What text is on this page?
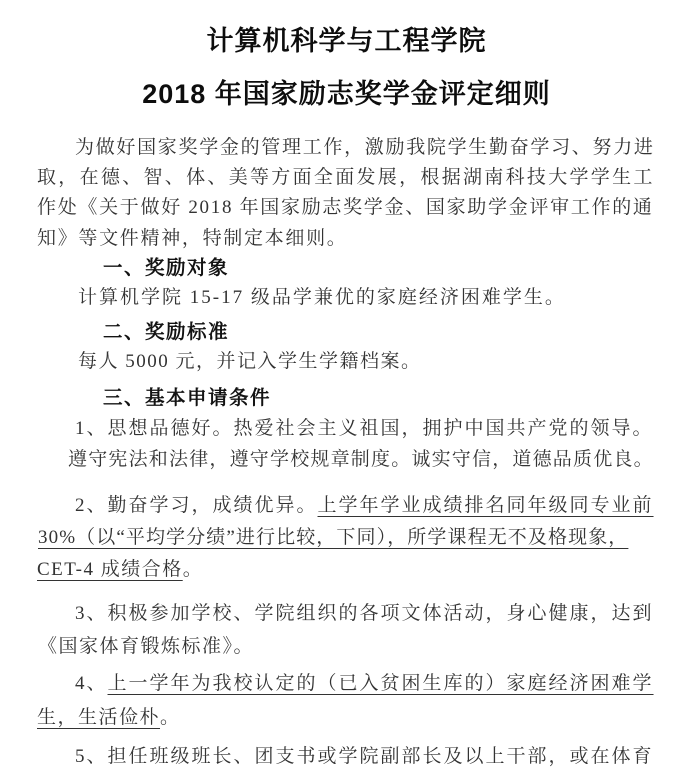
计算机科学与工程学院
2018 年国家励志奖学金评定细则
为做好国家奖学金的管理工作，激励我院学生勤奋学习、努力进
取，在德、智、体、美等方面全面发展，根据湖南科技大学学生工
作处《关于做好 2018 年国家励志奖学金、国家助学金评审工作的通
知》等文件精神，特制定本细则。
一、奖励对象
计算机学院 15-17 级品学兼优的家庭经济困难学生。
二、奖励标准
每人 5000 元，并记入学生学籍档案。
三、基本申请条件
1、思想品德好。热爱社会主义祖国，拥护中国共产党的领导。
遵守宪法和法律，遵守学校规章制度。诚实守信，道德品质优良。
2、勤奋学习，成绩优异。上学年学业成绩排名同年级同专业前
30%（以“平均学分绩”进行比较，下同），所学课程无不及格现象，
CET-4 成绩合格。
3、积极参加学校、学院组织的各项文体活动，身心健康，达到
《国家体育锻炼标准》。
4、上一学年为我校认定的（已入贫困生库的）家庭经济困难学
生，生活俭朴。
5、担任班级班长、团支书或学院副部长及以上干部，或在体育
